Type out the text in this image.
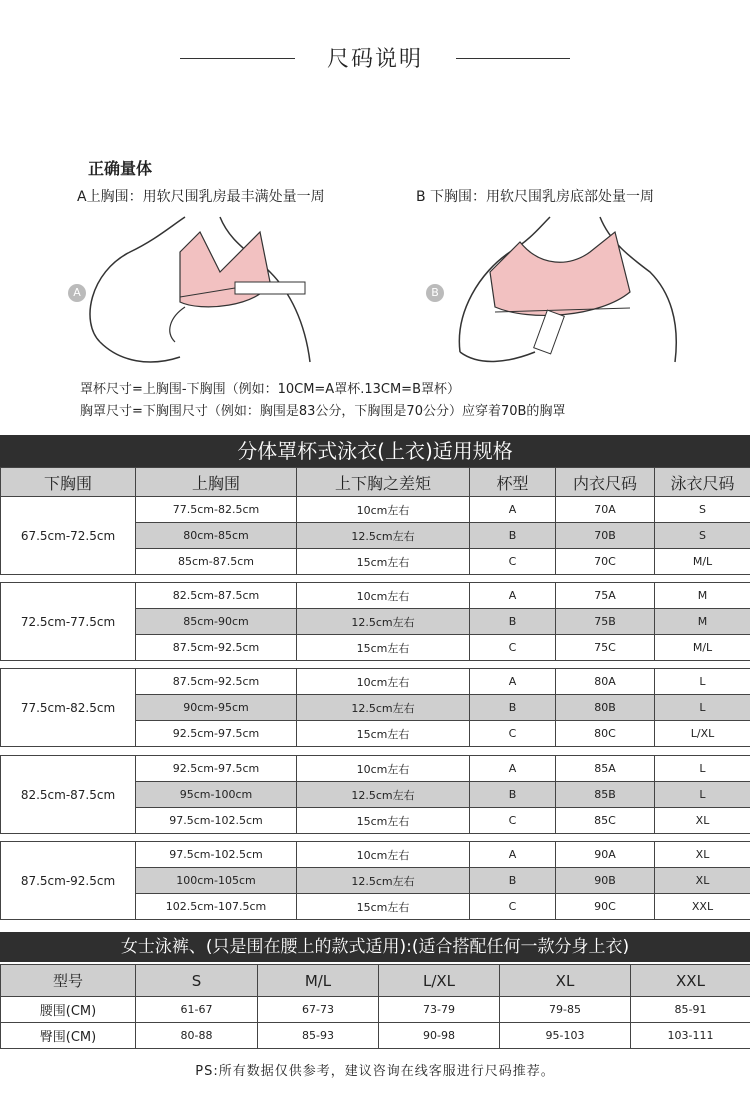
尺码说明
正确量体
A上胸围：用软尺围乳房最丰满处量一周	B 下胸围：用软尺围乳房底部处量一周
A	B
罩杯尺寸=上胸围-下胸围（例如：10CM=A罩杯.13CM=B罩杯）
胸罩尺寸=下胸围尺寸（例如：胸围是83公分，下胸围是70公分）应穿着70B的胸罩
分体罩杯式泳衣(上衣)适用规格
下胸围	上胸围	上下胸之差矩	杯型	内衣尺码	泳衣尺码
67.5cm-72.5cm	77.5cm-82.5cm	10cm左右	A	70A	S
	80cm-85cm	12.5cm左右	B	70B	S
	85cm-87.5cm	15cm左右	C	70C	M/L
72.5cm-77.5cm	82.5cm-87.5cm	10cm左右	A	75A	M
	85cm-90cm	12.5cm左右	B	75B	M
	87.5cm-92.5cm	15cm左右	C	75C	M/L
77.5cm-82.5cm	87.5cm-92.5cm	10cm左右	A	80A	L
	90cm-95cm	12.5cm左右	B	80B	L
	92.5cm-97.5cm	15cm左右	C	80C	L/XL
82.5cm-87.5cm	92.5cm-97.5cm	10cm左右	A	85A	L
	95cm-100cm	12.5cm左右	B	85B	L
	97.5cm-102.5cm	15cm左右	C	85C	XL
87.5cm-92.5cm	97.5cm-102.5cm	10cm左右	A	90A	XL
	100cm-105cm	12.5cm左右	B	90B	XL
	102.5cm-107.5cm	15cm左右	C	90C	XXL
女士泳裤、(只是围在腰上的款式适用):(适合搭配任何一款分身上衣)
型号	S	M/L	L/XL	XL	XXL
腰围(CM)	61-67	67-73	73-79	79-85	85-91
臀围(CM)	80-88	85-93	90-98	95-103	103-111
PS:所有数据仅供参考，建议咨询在线客服进行尺码推荐。
